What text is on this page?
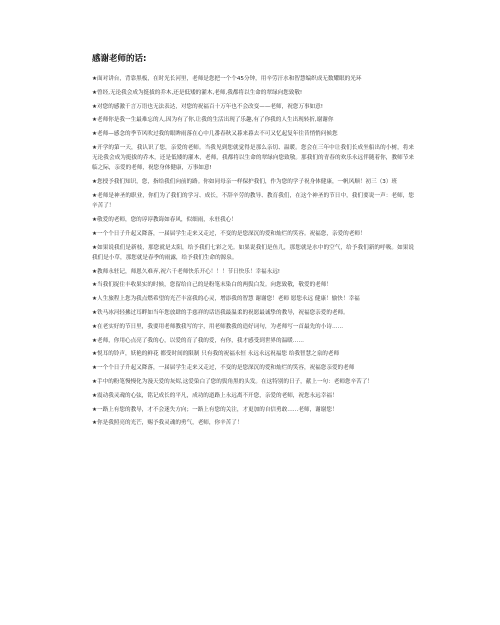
感谢老师的话:
★面对讲台，背靠黑板，在时光长河里，老师是您把一个个45分钟，用辛劳汗水和智慧编织成无数耀眼的光环
★曾经,无论我会成为挺拔的乔木,还是低矮的灌木,老师,我都将以生命的翠绿向您致敬!
★对您的感激千言万语也无法表达，对您的祝福百十万年也不会改变——老师，祝您万事如意!
★老师你是我一生最难忘的人,因为有了你,让我的生活出现了乐趣,有了你我的人生出现转折,谢谢你
★老师—感念的季节风吹过我的眼眸雨落在心中几番春秋又暮来暮去不可又忆起复年往昔悄悄问候您
★开学的第一天，我认识了您，亲爱的老师。当我见到您就觉得是那么亲切、温暖。您会在三年中让我们长成坐船出的小树，将来无论我会成为挺拔的乔木，还是低矮的灌木，老师，我都将以生命的翠绿向您致敬。那我们的青春的欢乐永远伴随着你，教师节来临之际，亲爱的老师，祝您身体健康，万事如意!
★您授予我们知识，您，指给我们向前的路。你如同母亲一样保护我们，作为您的学子祝身体健康，一帆风顺！初三（3）班
★老师是神圣的职业，你们为了我们的学习、成长，不辞辛劳的教导、教育我们，在这个神圣的节日中，我们要说一声：老师，您辛苦了！
★敬爱的老师，您的谆谆教诲如春风，似细雨，永驻我心！
★一个个日子升起又降落，一届届学生走来又走过，不变的是您深沉的爱和灿烂的笑容。祝福您，亲爱的老师！
★如果说我们是新枝，那您就是太阳，给予我们七彩之光。如果说我们是鱼儿，那您就是水中的空气，给予我们新的呼吸。如果说我们是小草，那您就是春季的雨露，给予我们生命的源泉。
★教师永驻记，师恩久难弃,祝六千老师快乐开心！！！节日快乐！幸福永远!
★当我们捉住丰收果实的时候，您留给自己的是粉笔末染白的两鬓白发。向您致敬，敬爱的老师！
★人生旅程上您为我点燃希望的光芒丰富我的心灵，增添我的智慧 谢谢您！老师 愿您永远 健康！愉快！幸福
★铁马冰河轻拂过耳畔如当年您放肆的手慈祥的话语我最温柔的祝愿最诚挚的教导，祝福您亲爱的老师。
★在老实好的节日里，我要用老师教我写的字，用老师教我的造好词句，为老师写一首最先的小诗……
★老师，你用心点亮了我的心，以爱的育了我的爱，有你，我才感受到世界的温暖……
★悦耳的铃声，妖艳的鲜花 都受时间的限制 只有我的祝福永恒 永远永远祝福您 给我智慧之泉的老师
★一个个日子升起又降落，一届届学生走来又走过，不变的是您深沉的爱和灿烂的笑容，祝福您亲爱的老师
★手中的粉笔慢慢化为漫天爱的灰烬,这爱染白了您的鬓角黑的头发。在这特别的日子，献上一句：老师您辛苦了！
★震动我灵魂的心弦，铭记成长的平凡，成功的道路上永远离不开您，亲爱的老师，祝您永远幸福！
★一路上有您的教导，才不会迷失方向；一路上有您的关注，才更加的自信勇敢……老师，谢谢您！
★你是我照亮的光芒，赐予我灵魂的勇气，老师，你辛苦了！
